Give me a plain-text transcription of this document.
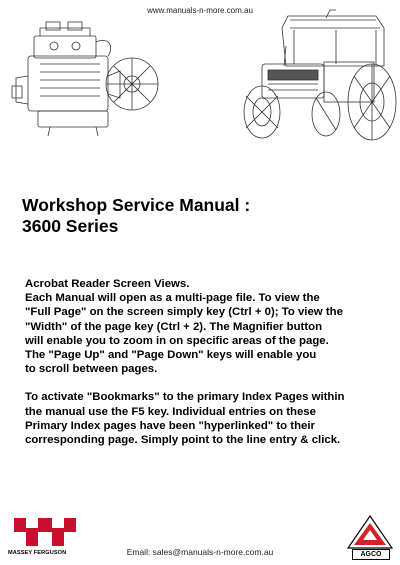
www.manuals-n-more.com.au
Workshop Service Manual :
3600 Series
Acrobat Reader Screen Views.
Each Manual will open as a multi-page file. To view the
"Full Page" on the screen simply key (Ctrl + 0); To view the
"Width" of the page key (Ctrl + 2). The Magnifier button
will enable you to zoom in on specific areas of the page.
The "Page Up" and "Page Down" keys will enable you
to scroll between pages.
To activate "Bookmarks" to the primary Index Pages within
the manual use the F5 key. Individual entries on these
Primary Index pages have been "hyperlinked" to their
corresponding page. Simply point to the line entry & click.
MASSEY FERGUSON	Email: sales@manuals-n-more.com.au	AGCO
